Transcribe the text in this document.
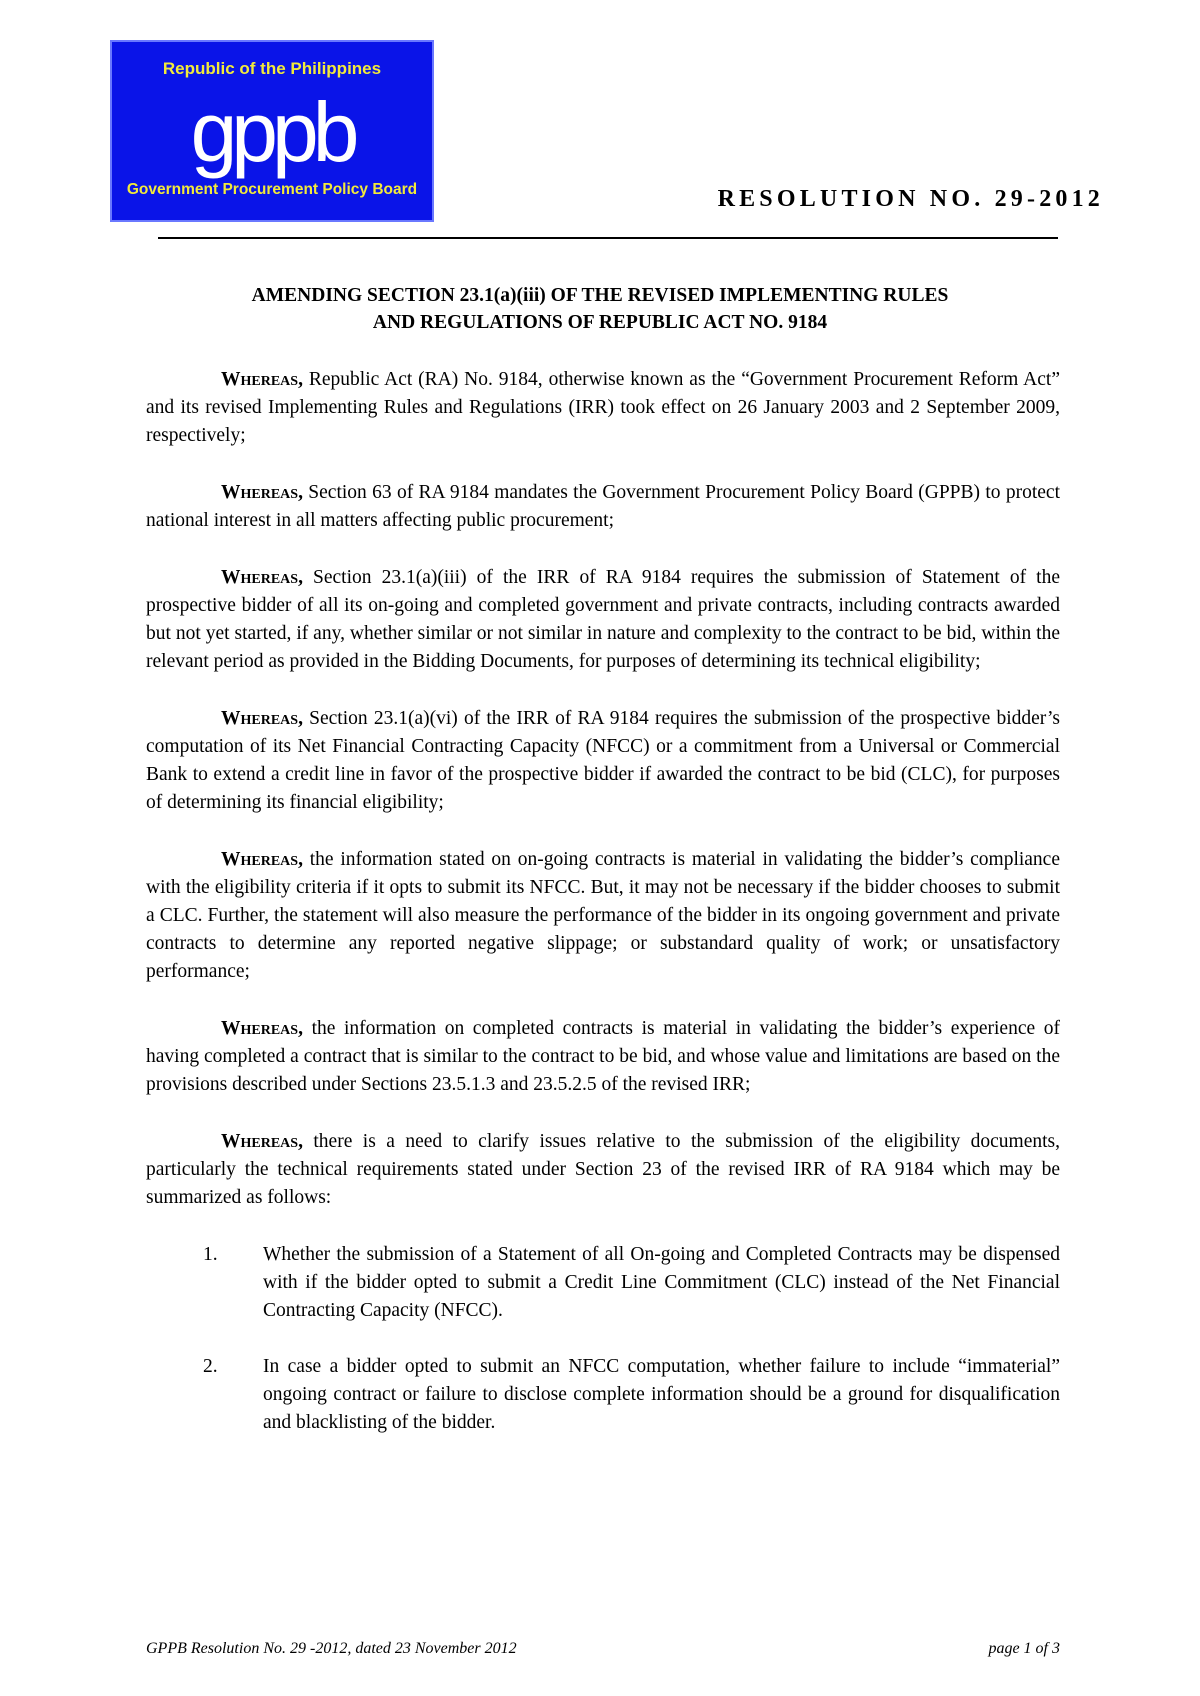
Republic of the Philippines
gppb
Government Procurement Policy Board	RESOLUTION NO. 29-2012
AMENDING SECTION 23.1(a)(iii) OF THE REVISED IMPLEMENTING RULES
AND REGULATIONS OF REPUBLIC ACT NO. 9184

Whereas, Republic Act (RA) No. 9184, otherwise known as the “Government Procurement Reform Act” and its revised Implementing Rules and Regulations (IRR) took effect on 26 January 2003 and 2 September 2009, respectively;

Whereas, Section 63 of RA 9184 mandates the Government Procurement Policy Board (GPPB) to protect national interest in all matters affecting public procurement;

Whereas, Section 23.1(a)(iii) of the IRR of RA 9184 requires the submission of Statement of the prospective bidder of all its on-going and completed government and private contracts, including contracts awarded but not yet started, if any, whether similar or not similar in nature and complexity to the contract to be bid, within the relevant period as provided in the Bidding Documents, for purposes of determining its technical eligibility;

Whereas, Section 23.1(a)(vi) of the IRR of RA 9184 requires the submission of the prospective bidder’s computation of its Net Financial Contracting Capacity (NFCC) or a commitment from a Universal or Commercial Bank to extend a credit line in favor of the prospective bidder if awarded the contract to be bid (CLC), for purposes of determining its financial eligibility;

Whereas, the information stated on on-going contracts is material in validating the bidder’s compliance with the eligibility criteria if it opts to submit its NFCC. But, it may not be necessary if the bidder chooses to submit a CLC. Further, the statement will also measure the performance of the bidder in its ongoing government and private contracts to determine any reported negative slippage; or substandard quality of work; or unsatisfactory performance;

Whereas, the information on completed contracts is material in validating the bidder’s experience of having completed a contract that is similar to the contract to be bid, and whose value and limitations are based on the provisions described under Sections 23.5.1.3 and 23.5.2.5 of the revised IRR;

Whereas, there is a need to clarify issues relative to the submission of the eligibility documents, particularly the technical requirements stated under Section 23 of the revised IRR of RA 9184 which may be summarized as follows:

1. Whether the submission of a Statement of all On-going and Completed Contracts may be dispensed with if the bidder opted to submit a Credit Line Commitment (CLC) instead of the Net Financial Contracting Capacity (NFCC).
2. In case a bidder opted to submit an NFCC computation, whether failure to include “immaterial” ongoing contract or failure to disclose complete information should be a ground for disqualification and blacklisting of the bidder.
GPPB Resolution No. 29 -2012, dated 23 November 2012	page 1 of 3
